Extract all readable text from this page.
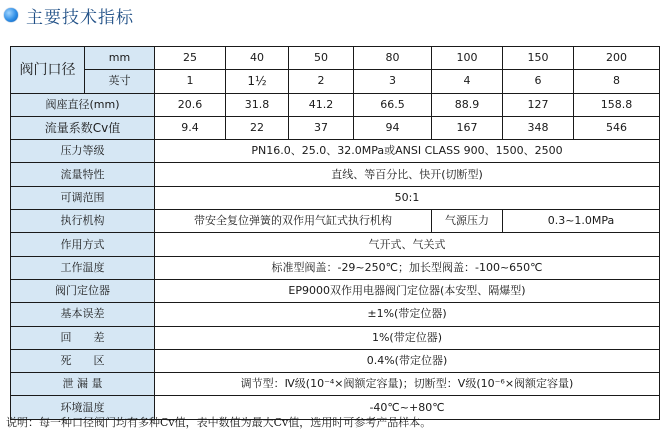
主要技术指标
阀门口径	mm	25	40	50	80	100	150	200
	英寸	1	1½	2	3	4	6	8
阀座直径(mm)		20.6	31.8	41.2	66.5	88.9	127	158.8
流量系数Cv值		9.4	22	37	94	167	348	546
压力等级		PN16.0、25.0、32.0MPa或ANSI CLASS 900、1500、2500						
流量特性		直线、等百分比、快开(切断型)						
可调范围		50:1						
执行机构		带安全复位弹簧的双作用气缸式执行机构				气源压力	0.3~1.0MPa	
作用方式		气开式、气关式						
工作温度		标准型阀盖：-29~250℃；加长型阀盖：-100~650℃						
阀门定位器		EP9000双作用电器阀门定位器(本安型、隔爆型)						
基本误差		±1%(带定位器)						
回　　差		1%(带定位器)						
死　　区		0.4%(带定位器)						
泄 漏 量		调节型：Ⅳ级(10⁻⁴×阀额定容量)；切断型：Ⅴ级(10⁻⁶×阀额定容量)						
环境温度		-40℃~+80℃						
说明：每一种口径阀门均有多种Cv值，表中数值为最大Cv值，选用时可参考产品样本。
